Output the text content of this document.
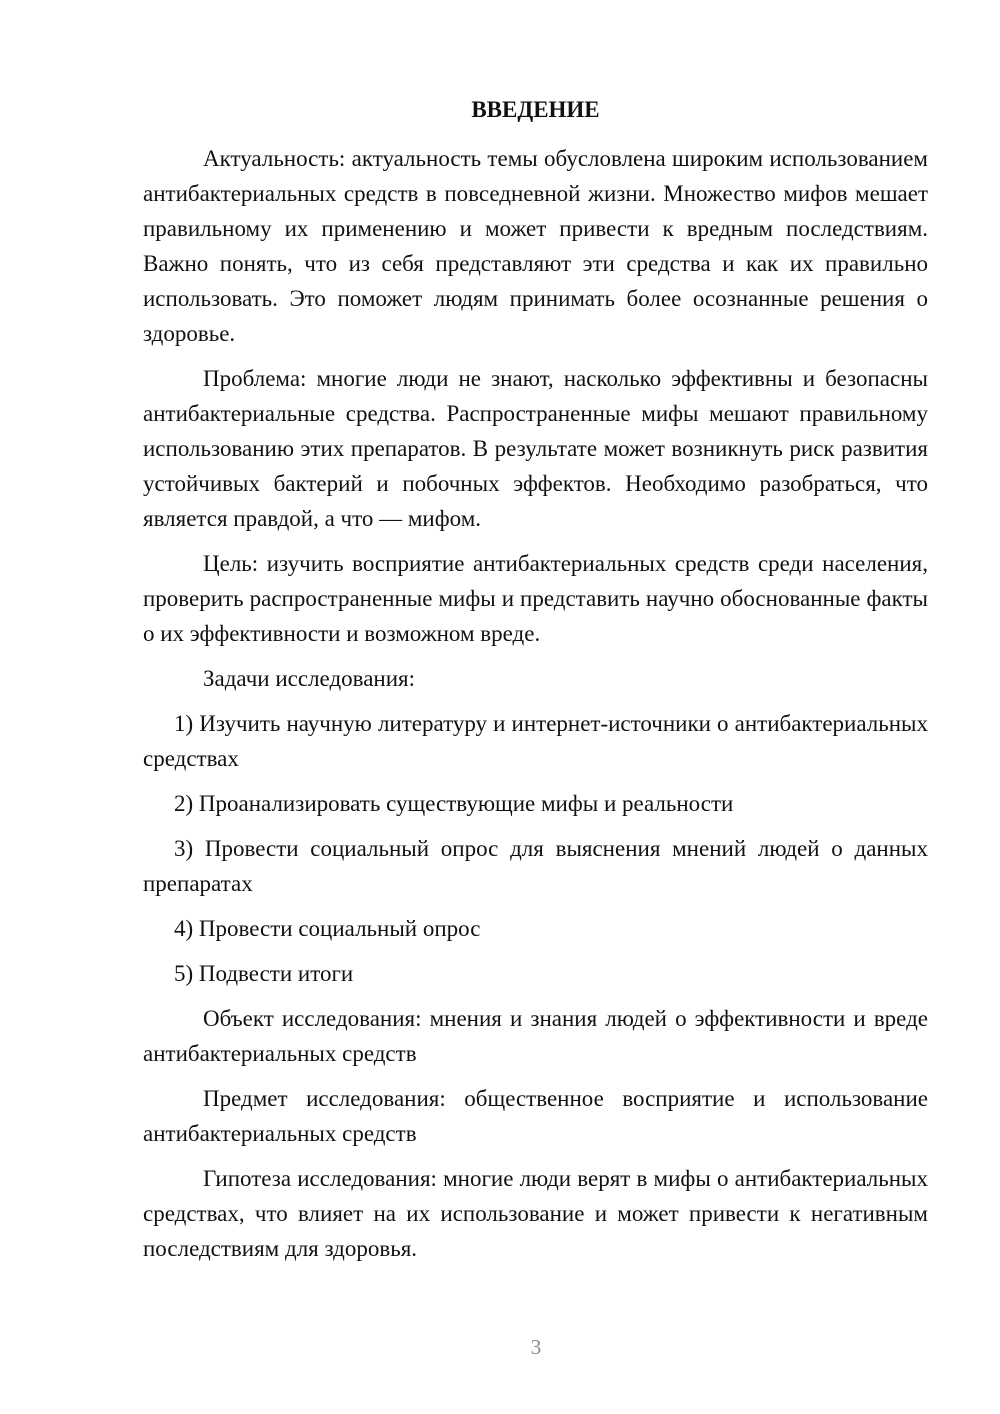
ВВЕДЕНИЕ

Актуальность: актуальность темы обусловлена широким использованием антибактериальных средств в повседневной жизни. Множество мифов мешает правильному их применению и может привести к вредным последствиям. Важно понять, что из себя представляют эти средства и как их правильно использовать. Это поможет людям принимать более осознанные решения о здоровье.

Проблема: многие люди не знают, насколько эффективны и безопасны антибактериальные средства. Распространенные мифы мешают правильному использованию этих препаратов. В результате может возникнуть риск развития устойчивых бактерий и побочных эффектов. Необходимо разобраться, что является правдой, а что — мифом.

Цель: изучить восприятие антибактериальных средств среди населения, проверить распространенные мифы и представить научно обоснованные факты о их эффективности и возможном вреде.

Задачи исследования:

1) Изучить научную литературу и интернет-источники о антибактериальных средствах

2) Проанализировать существующие мифы и реальности

3) Провести социальный опрос для выяснения мнений людей о данных препаратах

4) Провести социальный опрос

5) Подвести итоги

Объект исследования: мнения и знания людей о эффективности и вреде антибактериальных средств

Предмет исследования: общественное восприятие и использование антибактериальных средств

Гипотеза исследования: многие люди верят в мифы о антибактериальных средствах, что влияет на их использование и может привести к негативным последствиям для здоровья.

3
